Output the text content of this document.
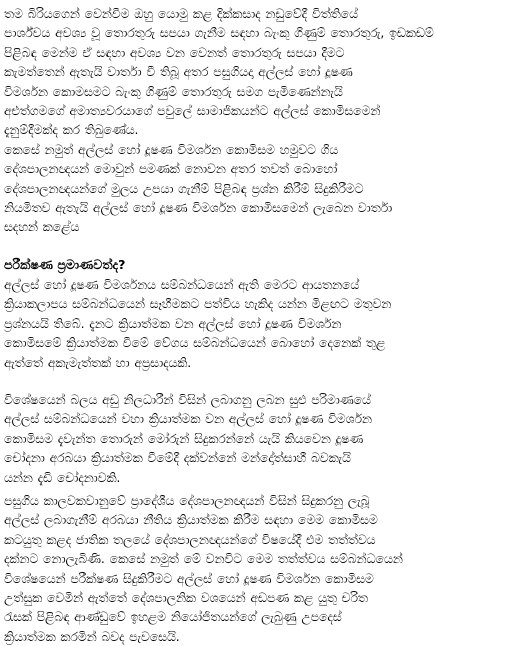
තම බිරියගෙන් වෙන්වීම ඔහු යොමු කළ දික්කසාද නඩුවේදී විත්තියේ
පාර්ශ්වය අවශ්‍ය වූ තොරතුරු සපයා ගැනීම සඳහා බැංකු ගිණුම් තොරතුරු, ඉඩකඩම්
පිළිබඳ මෙන්ම ඒ සඳහා අවශ්‍ය වන වෙනත් තොරතුරු සපයා දීමට
කැමත්තෙන් ඇතැයි වාර්තා වී තිබූ අතර පසුගියදා අල්ලස් හෝ දූෂණ
විමර්ශන කොමසමට බැංකු ගිණුම් තොරතුරු සමග පැමිණෙන්නැයි
අළුත්ගමගේ අමාත්‍යවරයාගේ පවුලේ සාමාජිකයන්ට අල්ලස් කොමිසමෙන්
දැනුම්දීමක්ද කර තිබුණේය.

කෙසේ නමුත් අල්ලස් හෝ දූෂණ විමර්ශන කොමිසම හමුවට ගිය
දේශපාලනඥයන් මොවුන් පමණක් නොවන අතර තවත් බොහෝ
දේශපාලනඥයන්ගේ මුලය උපයා ගැනීම් පිළිබඳ ප්‍රශ්න කිරීම් සිදුකිරීමට
නියමිතව ඇතැයි අල්ලස් හෝ දූෂණ විමර්ශන කොමිසමෙන් ලැබෙන වාර්තා
සදහන් කළේය

පරීක්ෂණ ප්‍රමාණවත්ද?

අල්ලස් හෝ දූෂණ විමර්ශනය සම්බන්ධයෙන් ඇති මෙරට ආයතනයේ
ක්‍රියාකලාපය සම්බන්ධයෙන් සෑහීමකට පත්විය හැකිද යන්න මිළඟට මතුවන
ප්‍රශ්නයයි තිබේ. දැනට ක්‍රියාත්මක වන අල්ලස් හෝ දූෂණ විමර්ශන
කොමිසමේ ක්‍රියාත්මක වීමේ වේගය සම්බන්ධයෙන් බොහෝ දෙනෙක් තුළ
ඇත්තේ අකැමැත්තක් හා අප්‍රසාදයකි.

විශේෂයෙන් බලය අඩු නිලධාරීන් විසින් ලබාගනු ලබන සුළු පරිමාණයේ
අල්ලස් සම්බන්ධයෙන් වහා ක්‍රියාත්මක වන අල්ලස් හෝ දූෂණ විමර්ශන
කොමිසම දැවැන්ත තොරුන් මෝරුන් සිදුකරන්නේ යැයි කියවෙන දූෂණ
චෝදනා අරබයා ක්‍රියාත්මක වීමේදී දක්වන්නේ මන්දෝත්සාහී බවකැයි
යන්න දැඩි චෝදනාවකි.

පසුගිය කාලවකවානුවේ ප්‍රාදේශීය දේශපාලනඥයන් විසින් සිදුකරනු ලැබූ
අල්ලස් ලබාගැනීම් අරබයා නීතිය ක්‍රියාත්මක කිරීම සඳහා මෙම කොමිසම
කටයුතු කළද ජාතික තලයේ දේශපාලනඥයන්ගේ විෂයේදී එම තත්ත්වය
දක්නට නොලැබිණි. කෙසේ නමුත් මේ වනවිට මෙම තත්ත්වය සම්බන්ධයෙන්
විශේෂයෙන් පරීක්ෂණ සිදුකිරීමට අල්ලස් හෝ දූෂණ විමර්ශන කොමිසම
උත්සුක වෙමින් ඇත්තේ දේශපාලනික වශයෙන් අඩපණ කළ යුතු චරිත
රැසක් පිළිබඳ ආණ්ඩුවේ ඉහළම නියෝජිතයන්ගේ ලැබුණු උපදෙස්
ක්‍රියාත්මක කරමින් බවද පැවසෙයි.
